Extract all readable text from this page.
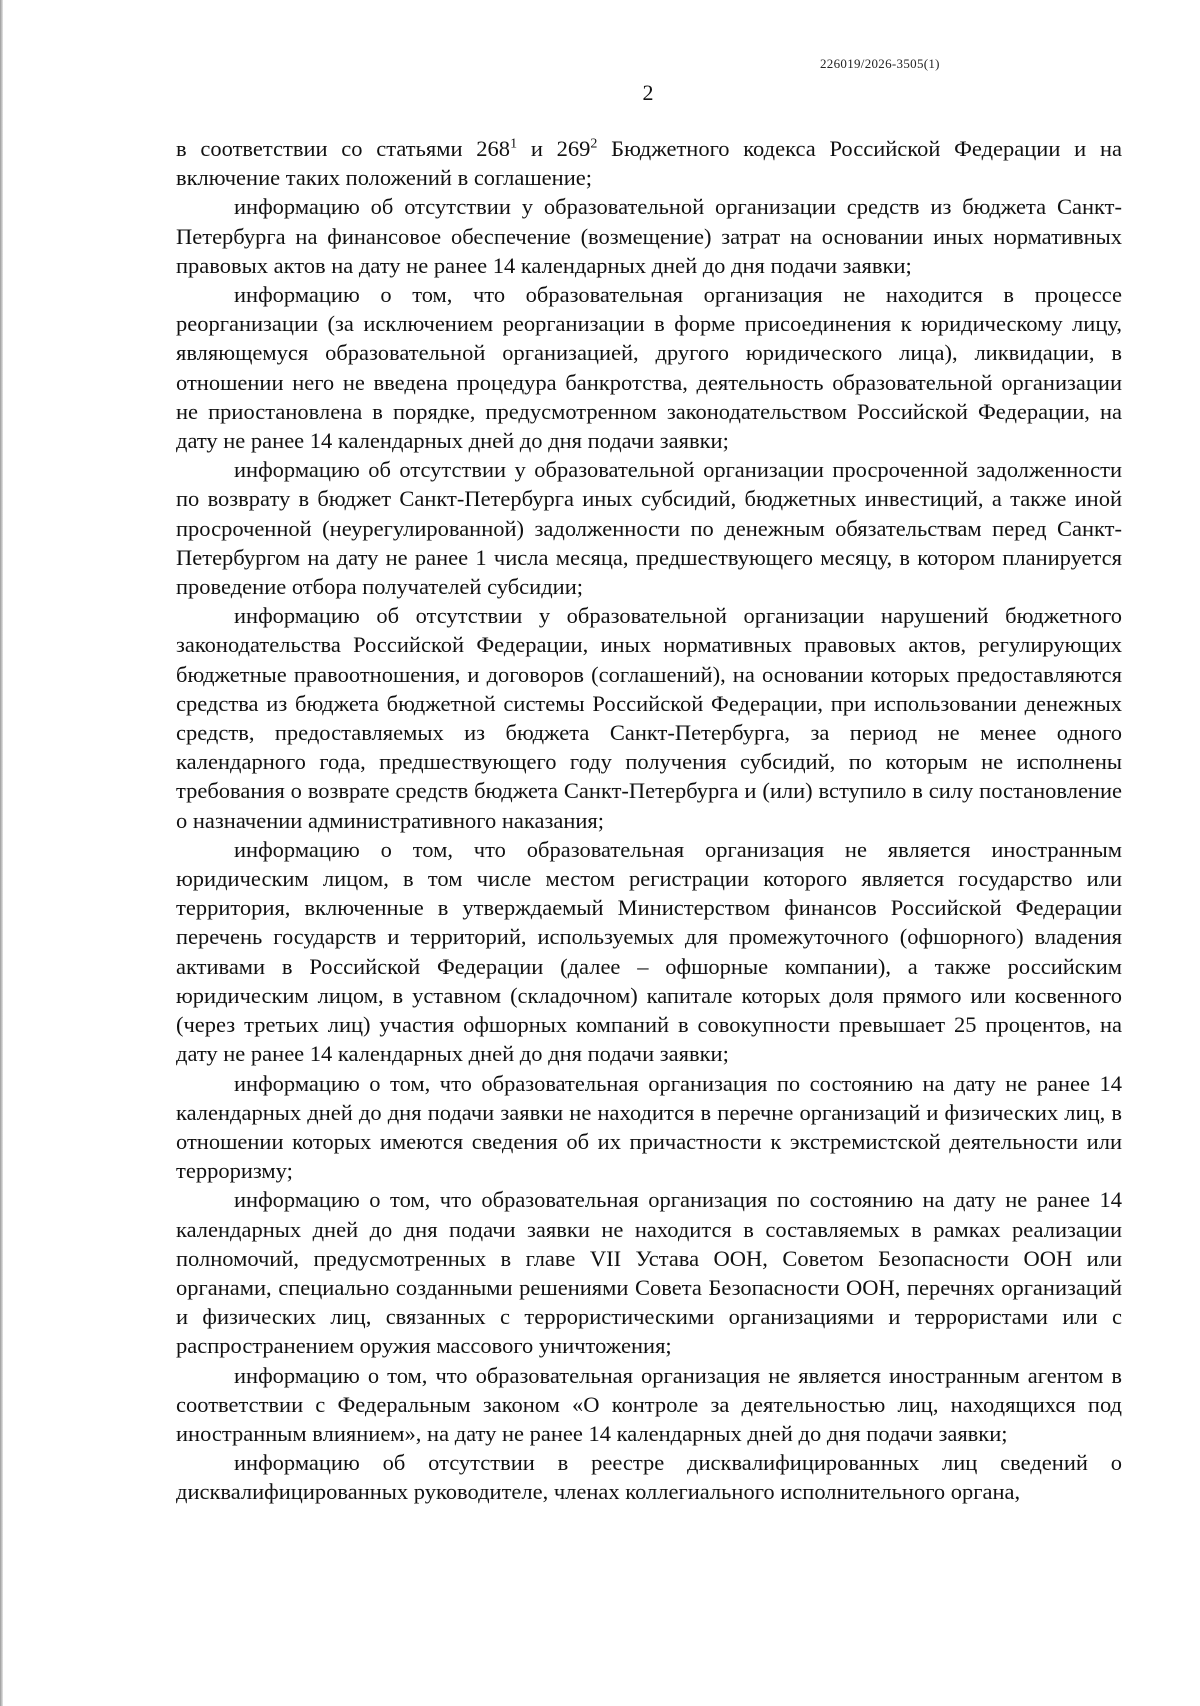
226019/2026-3505(1)
2

в соответствии со статьями $268^1$ и $269^2$ Бюджетного кодекса Российской Федерации и на включение таких положений в соглашение;

информацию об отсутствии у образовательной организации средств из бюджета Санкт-Петербурга на финансовое обеспечение (возмещение) затрат на основании иных нормативных правовых актов на дату не ранее 14 календарных дней до дня подачи заявки;

информацию о том, что образовательная организация не находится в процессе реорганизации (за исключением реорганизации в форме присоединения к юридическому лицу, являющемуся образовательной организацией, другого юридического лица), ликвидации, в отношении него не введена процедура банкротства, деятельность образовательной организации не приостановлена в порядке, предусмотренном законодательством Российской Федерации, на дату не ранее 14 календарных дней до дня подачи заявки;

информацию об отсутствии у образовательной организации просроченной задолженности по возврату в бюджет Санкт-Петербурга иных субсидий, бюджетных инвестиций, а также иной просроченной (неурегулированной) задолженности по денежным обязательствам перед Санкт-Петербургом на дату не ранее 1 числа месяца, предшествующего месяцу, в котором планируется проведение отбора получателей субсидии;

информацию об отсутствии у образовательной организации нарушений бюджетного законодательства Российской Федерации, иных нормативных правовых актов, регулирующих бюджетные правоотношения, и договоров (соглашений), на основании которых предоставляются средства из бюджета бюджетной системы Российской Федерации, при использовании денежных средств, предоставляемых из бюджета Санкт-Петербурга, за период не менее одного календарного года, предшествующего году получения субсидий, по которым не исполнены требования о возврате средств бюджета Санкт-Петербурга и (или) вступило в силу постановление о назначении административного наказания;

информацию о том, что образовательная организация не является иностранным юридическим лицом, в том числе местом регистрации которого является государство или территория, включенные в утверждаемый Министерством финансов Российской Федерации перечень государств и территорий, используемых для промежуточного (офшорного) владения активами в Российской Федерации (далее – офшорные компании), а также российским юридическим лицом, в уставном (складочном) капитале которых доля прямого или косвенного (через третьих лиц) участия офшорных компаний в совокупности превышает 25 процентов, на дату не ранее 14 календарных дней до дня подачи заявки;

информацию о том, что образовательная организация по состоянию на дату не ранее 14 календарных дней до дня подачи заявки не находится в перечне организаций и физических лиц, в отношении которых имеются сведения об их причастности к экстремистской деятельности или терроризму;

информацию о том, что образовательная организация по состоянию на дату не ранее 14 календарных дней до дня подачи заявки не находится в составляемых в рамках реализации полномочий, предусмотренных в главе VII Устава ООН, Советом Безопасности ООН или органами, специально созданными решениями Совета Безопасности ООН, перечнях организаций и физических лиц, связанных с террористическими организациями и террористами или с распространением оружия массового уничтожения;

информацию о том, что образовательная организация не является иностранным агентом в соответствии с Федеральным законом «О контроле за деятельностью лиц, находящихся под иностранным влиянием», на дату не ранее 14 календарных дней до дня подачи заявки;

информацию об отсутствии в реестре дисквалифицированных лиц сведений о дисквалифицированных руководителе, членах коллегиального исполнительного органа,
